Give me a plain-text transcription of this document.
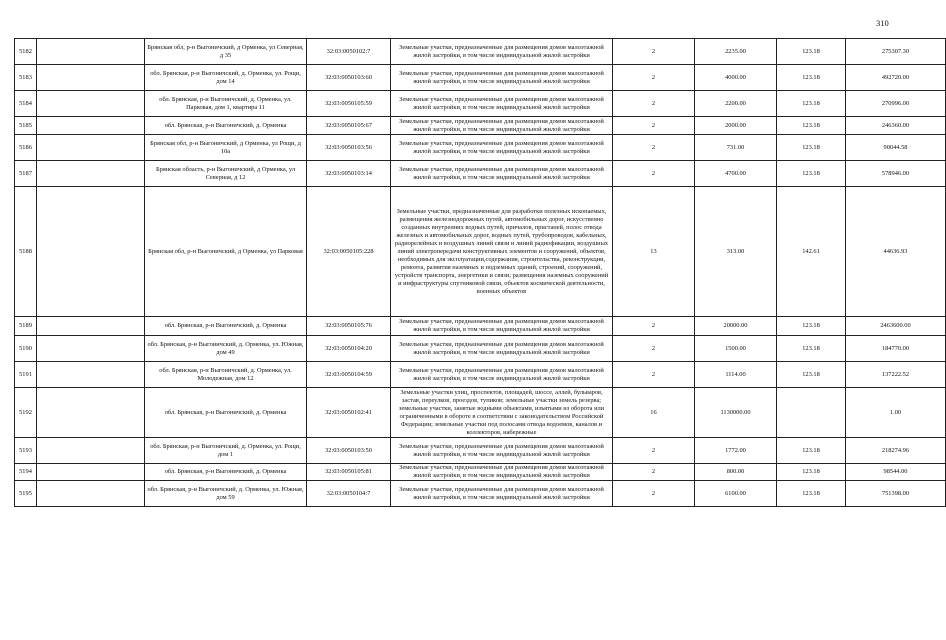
310
5182		Брянская обл, р-н Выгоничский, д Орменка, ул Северная, д 35	32:03:0050102:7	Земельные участки, предназначенные для размещения домов малоэтажной жилой застройки, в том числе индивидуальной жилой застройки	2	2235.00	123.18	275307.30
5183		обл. Брянская, р-н Выгоничский, д. Орменка, ул. Рощи, дом 14	32:03:0050103:60	Земельные участки, предназначенные для размещения домов малоэтажной жилой застройки, в том числе индивидуальной жилой застройки	2	4000.00	123.18	492720.00
5184		обл. Брянская, р-н Выгоничский, д. Орменка, ул. Парковая, дом 1, квартира 11	32:03:0050105:59	Земельные участки, предназначенные для размещения домов малоэтажной жилой застройки, в том числе индивидуальной жилой застройки	2	2200.00	123.18	270996.00
5185		обл. Брянская, р-н Выгоничский, д. Орменка	32:03:0050105:67	Земельные участки, предназначенные для размещения домов малоэтажной жилой застройки, в том числе индивидуальной жилой застройки	2	2000.00	123.18	246360.00
5186		Брянская обл, р-н Выгоничский, д Орменка, ул Рощи, д 10а	32:03:0050103:56	Земельные участки, предназначенные для размещения домов малоэтажной жилой застройки, в том числе индивидуальной жилой застройки	2	731.00	123.18	90044.58
5187		Брянская область, р-н Выгоничский, д Орменка, ул Северная, д 12	32:03:0050103:14	Земельные участки, предназначенные для размещения домов малоэтажной жилой застройки, в том числе индивидуальной жилой застройки	2	4700.00	123.18	578946.00
5188		Брянская обл, р-н Выгоничский, д Орменка, ул Парковая	32:03:0050105:228	Земельные участки, предназначенные для разработки полезных ископаемых, размещения железнодорожных путей, автомобильных дорог, искусственно созданных внутренних водных путей, причалов, пристаней, полос отвода железных и автомобильных дорог, водных путей, трубопроводов, кабельных, радиорелейных и воздушных линий связи и линий радиофикации, воздушных линий электропередачи конструктивных элементов и сооружений, объектов, необходимых для эксплуатации,содержания, строительства, реконструкции, ремонта, развития наземных и подземных зданий, строений, сооружений, устройств транспорта, энергетики и связи; размещения наземных сооружений и инфраструктуры спутниковой связи, объектов космической деятельности, военных объектов	13	313.00	142.61	44636.93
5189		обл. Брянская, р-н Выгоничский, д. Орменка	32:03:0050105:76	Земельные участки, предназначенные для размещения домов малоэтажной жилой застройки, в том числе индивидуальной жилой застройки	2	20000.00	123.18	2463600.00
5190		обл. Брянская, р-н Выгоничский, д. Орменка, ул. Южная, дом 49	32:03:0050104:20	Земельные участки, предназначенные для размещения домов малоэтажной жилой застройки, в том числе индивидуальной жилой застройки	2	1500.00	123.18	184770.00
5191		обл. Брянская, р-н Выгоничский, д. Орменка, ул. Молодежная, дом 12	32:03:0050104:59	Земельные участки, предназначенные для размещения домов малоэтажной жилой застройки, в том числе индивидуальной жилой застройки	2	1114.00	123.18	137222.52
5192		обл. Брянская, р-н Выгоничский, д. Орменка	32:03:0050102:41	Земельные участки улиц, проспектов, площадей, шоссе, аллей, бульваров, застав, переулков, проездов, тупиков; земельные участки земель резерва; земельные участки, занятые водными объектами, изъятыми из оборота или ограниченными в обороте в соответствии с законодательством Российской Федерации; земельные участки под полосами отвода водоемов, каналов и коллекторов, набережные	16	1130000.00		1.00
5193		обл. Брянская, р-н Выгоничский, д. Орменка, ул. Рощи, дом 1	32:03:0050103:50	Земельные участки, предназначенные для размещения домов малоэтажной жилой застройки, в том числе индивидуальной жилой застройки	2	1772.00	123.18	218274.96
5194		обл. Брянская, р-н Выгоничский, д. Орменка	32:03:0050105:81	Земельные участки, предназначенные для размещения домов малоэтажной жилой застройки, в том числе индивидуальной жилой застройки	2	800.00	123.18	98544.00
5195		обл. Брянская, р-н Выгоничский, д. Орменка, ул. Южная, дом 59	32:03:0050104:7	Земельные участки, предназначенные для размещения домов малоэтажной жилой застройки, в том числе индивидуальной жилой застройки	2	6100.00	123.18	751398.00
